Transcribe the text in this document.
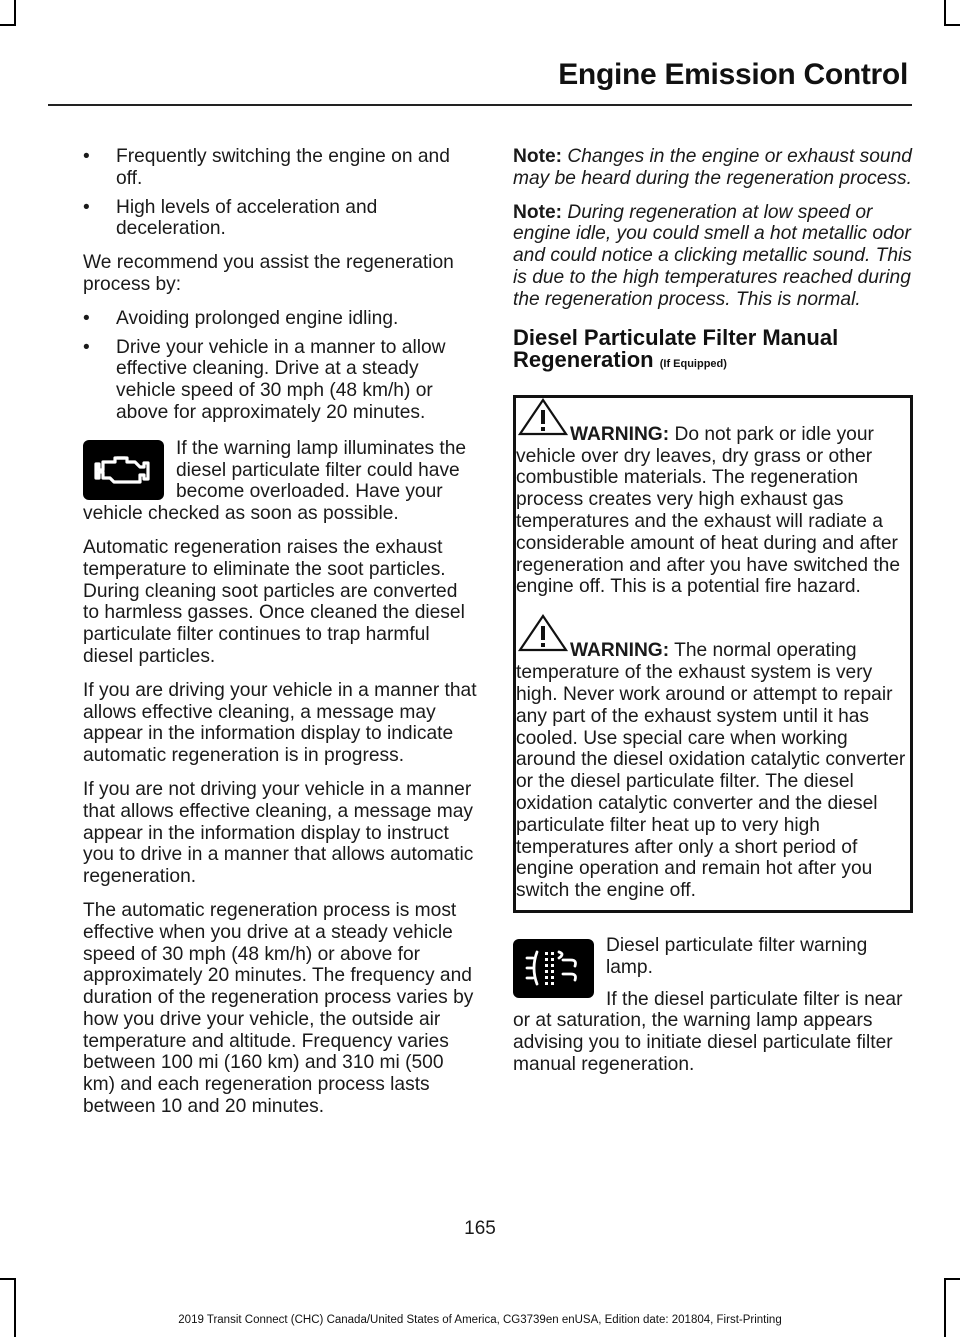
Engine Emission Control
• Frequently switching the engine on and off.
• High levels of acceleration and deceleration.

We recommend you assist the regeneration process by:

• Avoiding prolonged engine idling.
• Drive your vehicle in a manner to allow effective cleaning. Drive at a steady vehicle speed of 30 mph (48 km/h) or above for approximately 20 minutes.
If the warning lamp illuminates the diesel particulate filter could have become overloaded. Have your vehicle checked as soon as possible.

Automatic regeneration raises the exhaust temperature to eliminate the soot particles. During cleaning soot particles are converted to harmless gasses. Once cleaned the diesel particulate filter continues to trap harmful diesel particles.

If you are driving your vehicle in a manner that allows effective cleaning, a message may appear in the information display to indicate automatic regeneration is in progress.

If you are not driving your vehicle in a manner that allows effective cleaning, a message may appear in the information display to instruct you to drive in a manner that allows automatic regeneration.

The automatic regeneration process is most effective when you drive at a steady vehicle speed of 30 mph (48 km/h) or above for approximately 20 minutes. The frequency and duration of the regeneration process varies by how you drive your vehicle, the outside air temperature and altitude. Frequency varies between 100 mi (160 km) and 310 mi (500 km) and each regeneration process lasts between 10 and 20 minutes.

Note: Changes in the engine or exhaust sound may be heard during the regeneration process.

Note: During regeneration at low speed or engine idle, you could smell a hot metallic odor and could notice a clicking metallic sound. This is due to the high temperatures reached during the regeneration process. This is normal.

Diesel Particulate Filter Manual Regeneration (If Equipped)

WARNING: Do not park or idle your vehicle over dry leaves, dry grass or other combustible materials. The regeneration process creates very high exhaust gas temperatures and the exhaust will radiate a considerable amount of heat during and after regeneration and after you have switched the engine off. This is a potential fire hazard.

WARNING: The normal operating temperature of the exhaust system is very high. Never work around or attempt to repair any part of the exhaust system until it has cooled. Use special care when working around the diesel oxidation catalytic converter or the diesel particulate filter. The diesel oxidation catalytic converter and the diesel particulate filter heat up to very high temperatures after only a short period of engine operation and remain hot after you switch the engine off.

Diesel particulate filter warning lamp.

If the diesel particulate filter is near or at saturation, the warning lamp appears advising you to initiate diesel particulate filter manual regeneration.

165
2019 Transit Connect (CHC) Canada/United States of America, CG3739en enUSA, Edition date: 201804, First-Printing
